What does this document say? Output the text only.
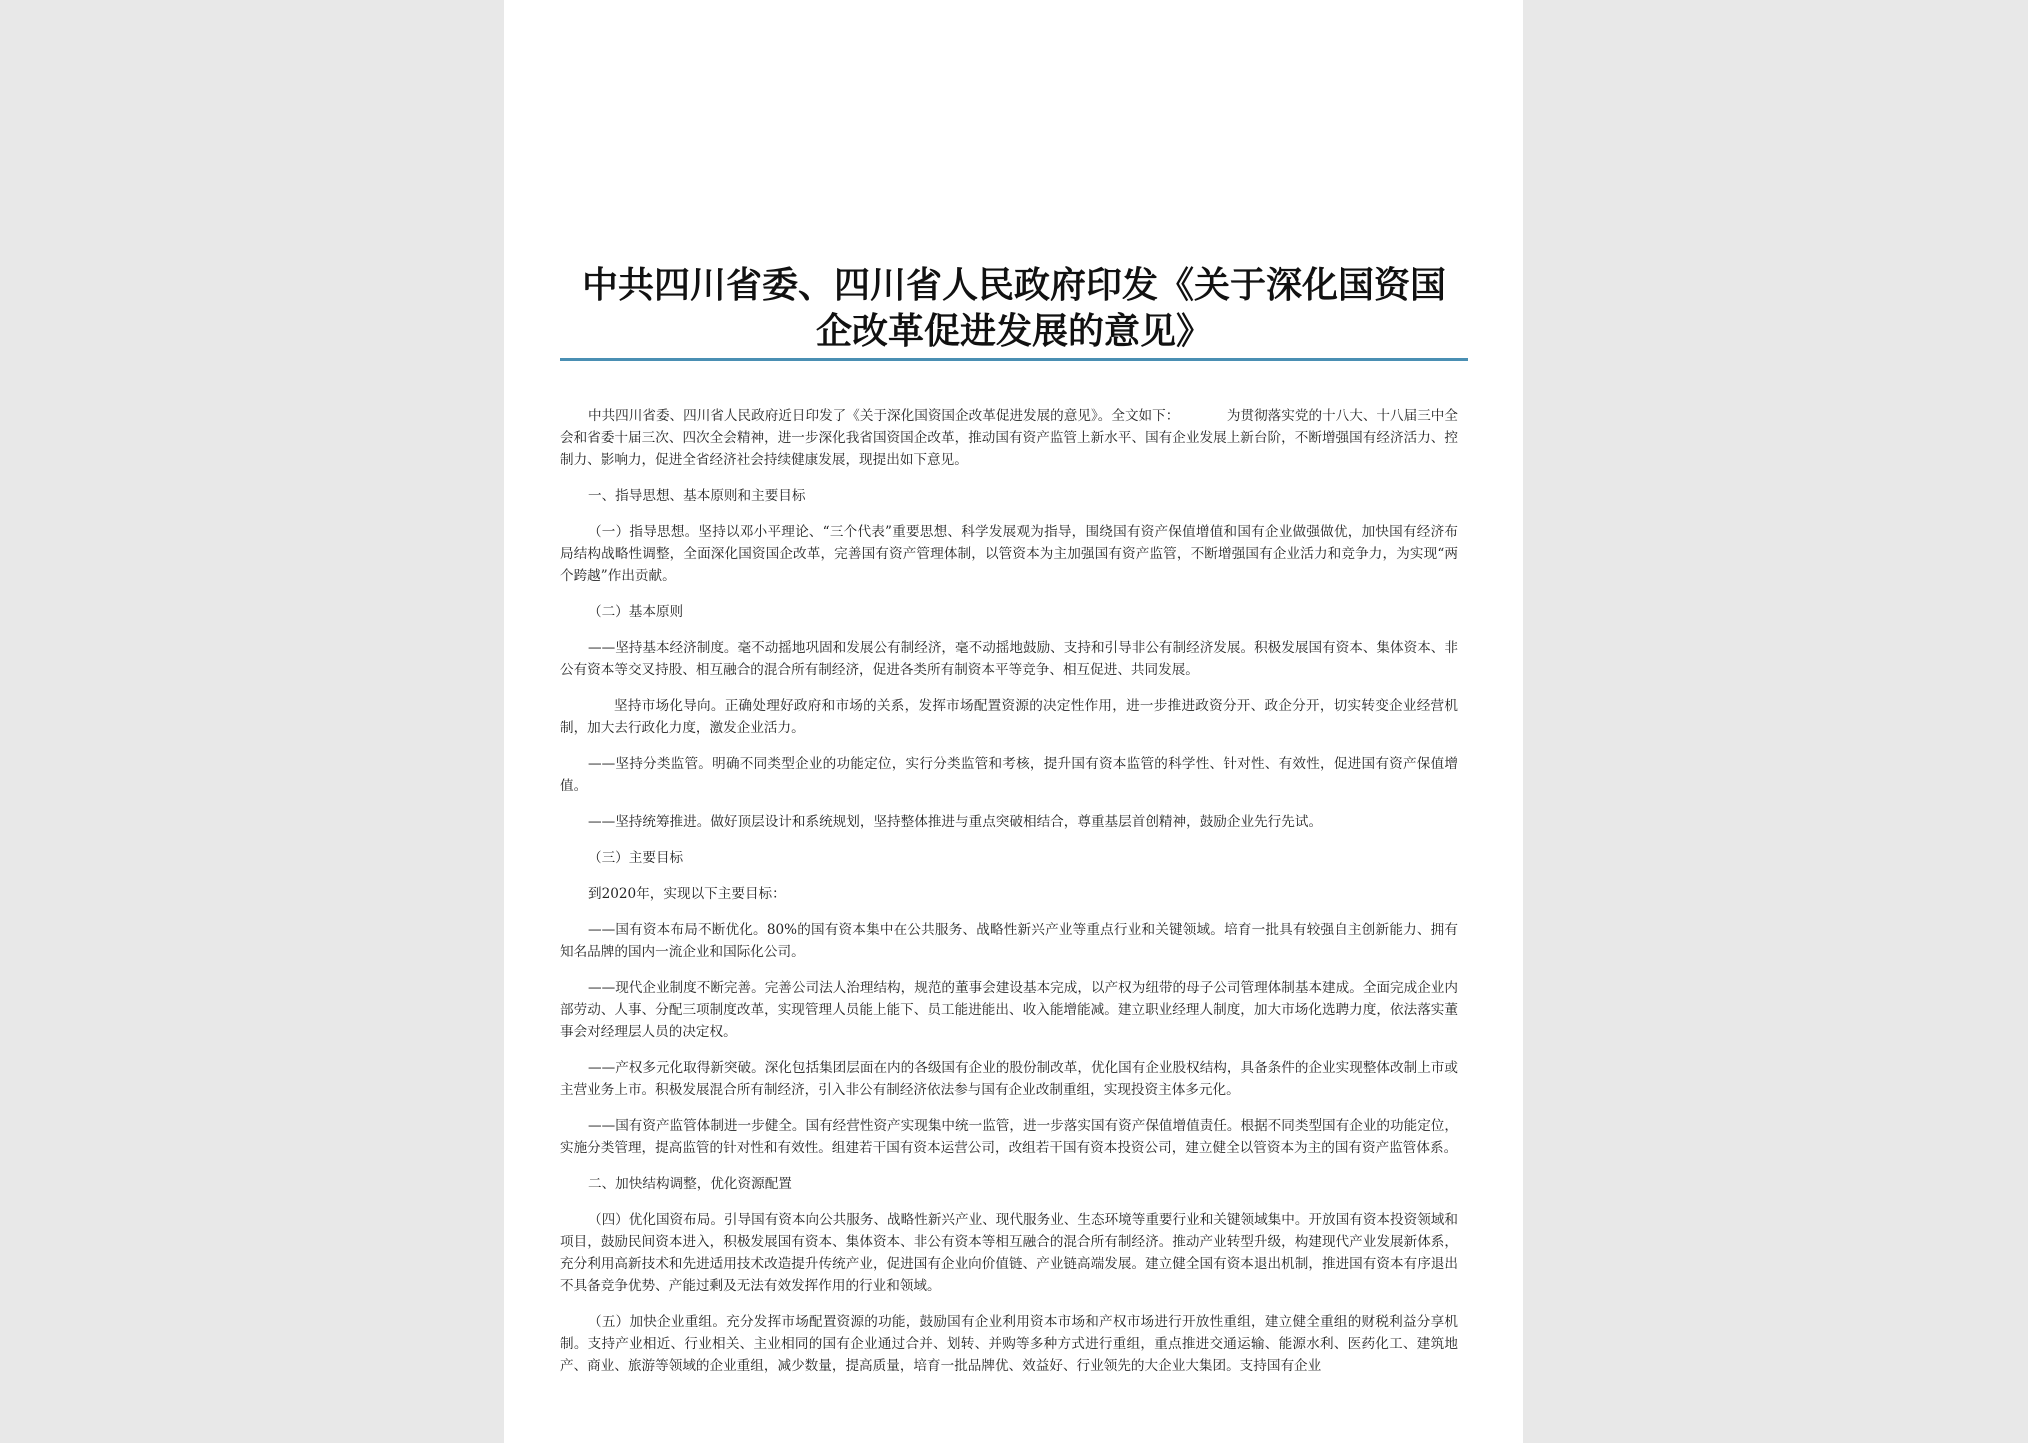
中共四川省委、四川省人民政府印发《关于深化国资国
企改革促进发展的意见》

中共四川省委、四川省人民政府近日印发了《关于深化国资国企改革促进发展的意见》。全文如下：　　　　为贯彻落实党的十八大、十八届三中全会和省委十届三次、四次全会精神，进一步深化我省国资国企改革，推动国有资产监管上新水平、国有企业发展上新台阶，不断增强国有经济活力、控制力、影响力，促进全省经济社会持续健康发展，现提出如下意见。

一、指导思想、基本原则和主要目标

（一）指导思想。坚持以邓小平理论、“三个代表”重要思想、科学发展观为指导，围绕国有资产保值增值和国有企业做强做优，加快国有经济布局结构战略性调整，全面深化国资国企改革，完善国有资产管理体制，以管资本为主加强国有资产监管，不断增强国有企业活力和竞争力，为实现“两个跨越”作出贡献。

（二）基本原则

——坚持基本经济制度。毫不动摇地巩固和发展公有制经济，毫不动摇地鼓励、支持和引导非公有制经济发展。积极发展国有资本、集体资本、非公有资本等交叉持股、相互融合的混合所有制经济，促进各类所有制资本平等竞争、相互促进、共同发展。

坚持市场化导向。正确处理好政府和市场的关系，发挥市场配置资源的决定性作用，进一步推进政资分开、政企分开，切实转变企业经营机制，加大去行政化力度，激发企业活力。

——坚持分类监管。明确不同类型企业的功能定位，实行分类监管和考核，提升国有资本监管的科学性、针对性、有效性，促进国有资产保值增值。

——坚持统筹推进。做好顶层设计和系统规划，坚持整体推进与重点突破相结合，尊重基层首创精神，鼓励企业先行先试。

（三）主要目标

到2020年，实现以下主要目标：

——国有资本布局不断优化。80%的国有资本集中在公共服务、战略性新兴产业等重点行业和关键领域。培育一批具有较强自主创新能力、拥有知名品牌的国内一流企业和国际化公司。

——现代企业制度不断完善。完善公司法人治理结构，规范的董事会建设基本完成，以产权为纽带的母子公司管理体制基本建成。全面完成企业内部劳动、人事、分配三项制度改革，实现管理人员能上能下、员工能进能出、收入能增能减。建立职业经理人制度，加大市场化选聘力度，依法落实董事会对经理层人员的决定权。

——产权多元化取得新突破。深化包括集团层面在内的各级国有企业的股份制改革，优化国有企业股权结构，具备条件的企业实现整体改制上市或主营业务上市。积极发展混合所有制经济，引入非公有制经济依法参与国有企业改制重组，实现投资主体多元化。

——国有资产监管体制进一步健全。国有经营性资产实现集中统一监管，进一步落实国有资产保值增值责任。根据不同类型国有企业的功能定位，实施分类管理，提高监管的针对性和有效性。组建若干国有资本运营公司，改组若干国有资本投资公司，建立健全以管资本为主的国有资产监管体系。

二、加快结构调整，优化资源配置

（四）优化国资布局。引导国有资本向公共服务、战略性新兴产业、现代服务业、生态环境等重要行业和关键领域集中。开放国有资本投资领域和项目，鼓励民间资本进入，积极发展国有资本、集体资本、非公有资本等相互融合的混合所有制经济。推动产业转型升级，构建现代产业发展新体系，充分利用高新技术和先进适用技术改造提升传统产业，促进国有企业向价值链、产业链高端发展。建立健全国有资本退出机制，推进国有资本有序退出不具备竞争优势、产能过剩及无法有效发挥作用的行业和领域。

（五）加快企业重组。充分发挥市场配置资源的功能，鼓励国有企业利用资本市场和产权市场进行开放性重组，建立健全重组的财税利益分享机制。支持产业相近、行业相关、主业相同的国有企业通过合并、划转、并购等多种方式进行重组，重点推进交通运输、能源水利、医药化工、建筑地产、商业、旅游等领域的企业重组，减少数量，提高质量，培育一批品牌优、效益好、行业领先的大企业大集团。支持国有企业
